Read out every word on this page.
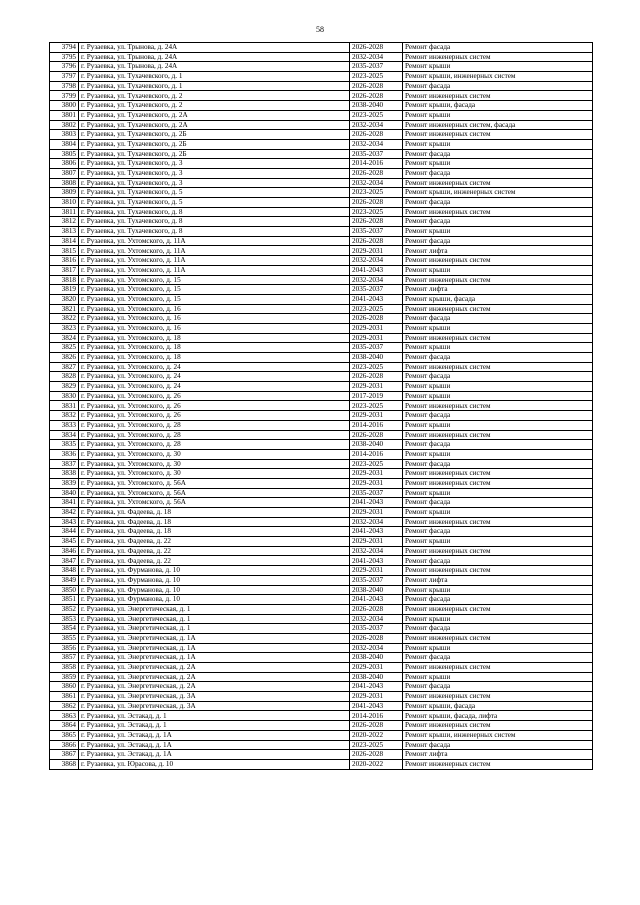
58
3794	г. Рузаевка, ул. Трынова, д. 24А	2026-2028	Ремонт фасада
3795	г. Рузаевка, ул. Трынова, д. 24А	2032-2034	Ремонт инженерных систем
3796	г. Рузаевка, ул. Трынова, д. 24А	2035-2037	Ремонт крыши
3797	г. Рузаевка, ул. Тухачевского, д. 1	2023-2025	Ремонт крыши, инженерных систем
3798	г. Рузаевка, ул. Тухачевского, д. 1	2026-2028	Ремонт фасада
3799	г. Рузаевка, ул. Тухачевского, д. 2	2026-2028	Ремонт инженерных систем
3800	г. Рузаевка, ул. Тухачевского, д. 2	2038-2040	Ремонт крыши, фасада
3801	г. Рузаевка, ул. Тухачевского, д. 2А	2023-2025	Ремонт крыши
3802	г. Рузаевка, ул. Тухачевского, д. 2А	2032-2034	Ремонт инженерных систем, фасада
3803	г. Рузаевка, ул. Тухачевского, д. 2Б	2026-2028	Ремонт инженерных систем
3804	г. Рузаевка, ул. Тухачевского, д. 2Б	2032-2034	Ремонт крыши
3805	г. Рузаевка, ул. Тухачевского, д. 2Б	2035-2037	Ремонт фасада
3806	г. Рузаевка, ул. Тухачевского, д. 3	2014-2016	Ремонт крыши
3807	г. Рузаевка, ул. Тухачевского, д. 3	2026-2028	Ремонт фасада
3808	г. Рузаевка, ул. Тухачевского, д. 3	2032-2034	Ремонт инженерных систем
3809	г. Рузаевка, ул. Тухачевского, д. 5	2023-2025	Ремонт крыши, инженерных систем
3810	г. Рузаевка, ул. Тухачевского, д. 5	2026-2028	Ремонт фасада
3811	г. Рузаевка, ул. Тухачевского, д. 8	2023-2025	Ремонт инженерных систем
3812	г. Рузаевка, ул. Тухачевского, д. 8	2026-2028	Ремонт фасада
3813	г. Рузаевка, ул. Тухачевского, д. 8	2035-2037	Ремонт крыши
3814	г. Рузаевка, ул. Ухтомского, д. 11А	2026-2028	Ремонт фасада
3815	г. Рузаевка, ул. Ухтомского, д. 11А	2029-2031	Ремонт лифта
3816	г. Рузаевка, ул. Ухтомского, д. 11А	2032-2034	Ремонт инженерных систем
3817	г. Рузаевка, ул. Ухтомского, д. 11А	2041-2043	Ремонт крыши
3818	г. Рузаевка, ул. Ухтомского, д. 15	2032-2034	Ремонт инженерных систем
3819	г. Рузаевка, ул. Ухтомского, д. 15	2035-2037	Ремонт лифта
3820	г. Рузаевка, ул. Ухтомского, д. 15	2041-2043	Ремонт крыши, фасада
3821	г. Рузаевка, ул. Ухтомского, д. 16	2023-2025	Ремонт инженерных систем
3822	г. Рузаевка, ул. Ухтомского, д. 16	2026-2028	Ремонт фасада
3823	г. Рузаевка, ул. Ухтомского, д. 16	2029-2031	Ремонт крыши
3824	г. Рузаевка, ул. Ухтомского, д. 18	2029-2031	Ремонт инженерных систем
3825	г. Рузаевка, ул. Ухтомского, д. 18	2035-2037	Ремонт крыши
3826	г. Рузаевка, ул. Ухтомского, д. 18	2038-2040	Ремонт фасада
3827	г. Рузаевка, ул. Ухтомского, д. 24	2023-2025	Ремонт инженерных систем
3828	г. Рузаевка, ул. Ухтомского, д. 24	2026-2028	Ремонт фасада
3829	г. Рузаевка, ул. Ухтомского, д. 24	2029-2031	Ремонт крыши
3830	г. Рузаевка, ул. Ухтомского, д. 26	2017-2019	Ремонт крыши
3831	г. Рузаевка, ул. Ухтомского, д. 26	2023-2025	Ремонт инженерных систем
3832	г. Рузаевка, ул. Ухтомского, д. 26	2029-2031	Ремонт фасада
3833	г. Рузаевка, ул. Ухтомского, д. 28	2014-2016	Ремонт крыши
3834	г. Рузаевка, ул. Ухтомского, д. 28	2026-2028	Ремонт инженерных систем
3835	г. Рузаевка, ул. Ухтомского, д. 28	2038-2040	Ремонт фасада
3836	г. Рузаевка, ул. Ухтомского, д. 30	2014-2016	Ремонт крыши
3837	г. Рузаевка, ул. Ухтомского, д. 30	2023-2025	Ремонт фасада
3838	г. Рузаевка, ул. Ухтомского, д. 30	2029-2031	Ремонт инженерных систем
3839	г. Рузаевка, ул. Ухтомского, д. 56А	2029-2031	Ремонт инженерных систем
3840	г. Рузаевка, ул. Ухтомского, д. 56А	2035-2037	Ремонт крыши
3841	г. Рузаевка, ул. Ухтомского, д. 56А	2041-2043	Ремонт фасада
3842	г. Рузаевка, ул. Фадеева, д. 18	2029-2031	Ремонт крыши
3843	г. Рузаевка, ул. Фадеева, д. 18	2032-2034	Ремонт инженерных систем
3844	г. Рузаевка, ул. Фадеева, д. 18	2041-2043	Ремонт фасада
3845	г. Рузаевка, ул. Фадеева, д. 22	2029-2031	Ремонт крыши
3846	г. Рузаевка, ул. Фадеева, д. 22	2032-2034	Ремонт инженерных систем
3847	г. Рузаевка, ул. Фадеева, д. 22	2041-2043	Ремонт фасада
3848	г. Рузаевка, ул. Фурманова, д. 10	2029-2031	Ремонт инженерных систем
3849	г. Рузаевка, ул. Фурманова, д. 10	2035-2037	Ремонт лифта
3850	г. Рузаевка, ул. Фурманова, д. 10	2038-2040	Ремонт крыши
3851	г. Рузаевка, ул. Фурманова, д. 10	2041-2043	Ремонт фасада
3852	г. Рузаевка, ул. Энергетическая, д. 1	2026-2028	Ремонт инженерных систем
3853	г. Рузаевка, ул. Энергетическая, д. 1	2032-2034	Ремонт крыши
3854	г. Рузаевка, ул. Энергетическая, д. 1	2035-2037	Ремонт фасада
3855	г. Рузаевка, ул. Энергетическая, д. 1А	2026-2028	Ремонт инженерных систем
3856	г. Рузаевка, ул. Энергетическая, д. 1А	2032-2034	Ремонт крыши
3857	г. Рузаевка, ул. Энергетическая, д. 1А	2038-2040	Ремонт фасада
3858	г. Рузаевка, ул. Энергетическая, д. 2А	2029-2031	Ремонт инженерных систем
3859	г. Рузаевка, ул. Энергетическая, д. 2А	2038-2040	Ремонт крыши
3860	г. Рузаевка, ул. Энергетическая, д. 2А	2041-2043	Ремонт фасада
3861	г. Рузаевка, ул. Энергетическая, д. 3А	2029-2031	Ремонт инженерных систем
3862	г. Рузаевка, ул. Энергетическая, д. 3А	2041-2043	Ремонт крыши, фасада
3863	г. Рузаевка, ул. Эстакад, д. 1	2014-2016	Ремонт крыши, фасада, лифта
3864	г. Рузаевка, ул. Эстакад, д. 1	2026-2028	Ремонт инженерных систем
3865	г. Рузаевка, ул. Эстакад, д. 1А	2020-2022	Ремонт крыши, инженерных систем
3866	г. Рузаевка, ул. Эстакад, д. 1А	2023-2025	Ремонт фасада
3867	г. Рузаевка, ул. Эстакад, д. 1А	2026-2028	Ремонт лифта
3868	г. Рузаевка, ул. Юрасова, д. 10	2020-2022	Ремонт инженерных систем
